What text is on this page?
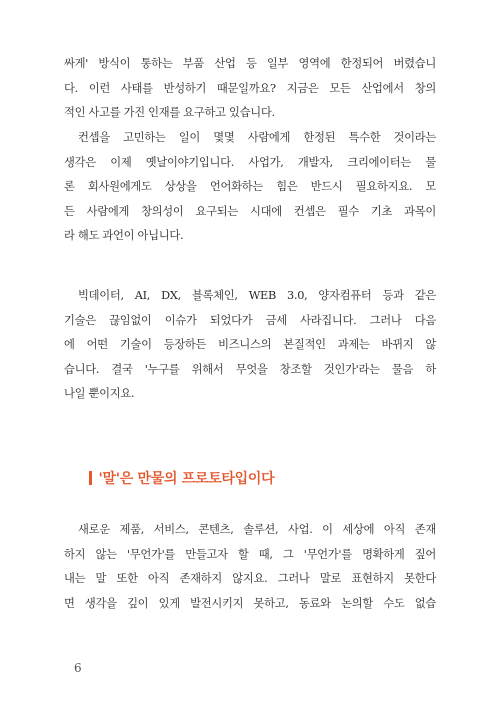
싸게' 방식이 통하는 부품 산업 등 일부 영역에 한정되어 버렸습니
다. 이런 사태를 반성하기 때문일까요? 지금은 모든 산업에서 창의
적인 사고를 가진 인재를 요구하고 있습니다.
컨셉을 고민하는 일이 몇몇 사람에게 한정된 특수한 것이라는
생각은 이제 옛날이야기입니다. 사업가, 개발자, 크리에이터는 물
론 회사원에게도 상상을 언어화하는 힘은 반드시 필요하지요. 모
든 사람에게 창의성이 요구되는 시대에 컨셉은 필수 기초 과목이
라 해도 과언이 아닙니다.
빅데이터, AI, DX, 블록체인, WEB 3.0, 양자컴퓨터 등과 같은
기술은 끊임없이 이슈가 되었다가 금세 사라집니다. 그러나 다음
에 어떤 기술이 등장하든 비즈니스의 본질적인 과제는 바뀌지 않
습니다. 결국 '누구를 위해서 무엇을 창조할 것인가'라는 물음 하
나일 뿐이지요.
'말'은 만물의 프로토타입이다
새로운 제품, 서비스, 콘텐츠, 솔루션, 사업. 이 세상에 아직 존재
하지 않는 '무언가'를 만들고자 할 때, 그 '무언가'를 명확하게 짚어
내는 말 또한 아직 존재하지 않지요. 그러나 말로 표현하지 못한다
면 생각을 깊이 있게 발전시키지 못하고, 동료와 논의할 수도 없습
6
